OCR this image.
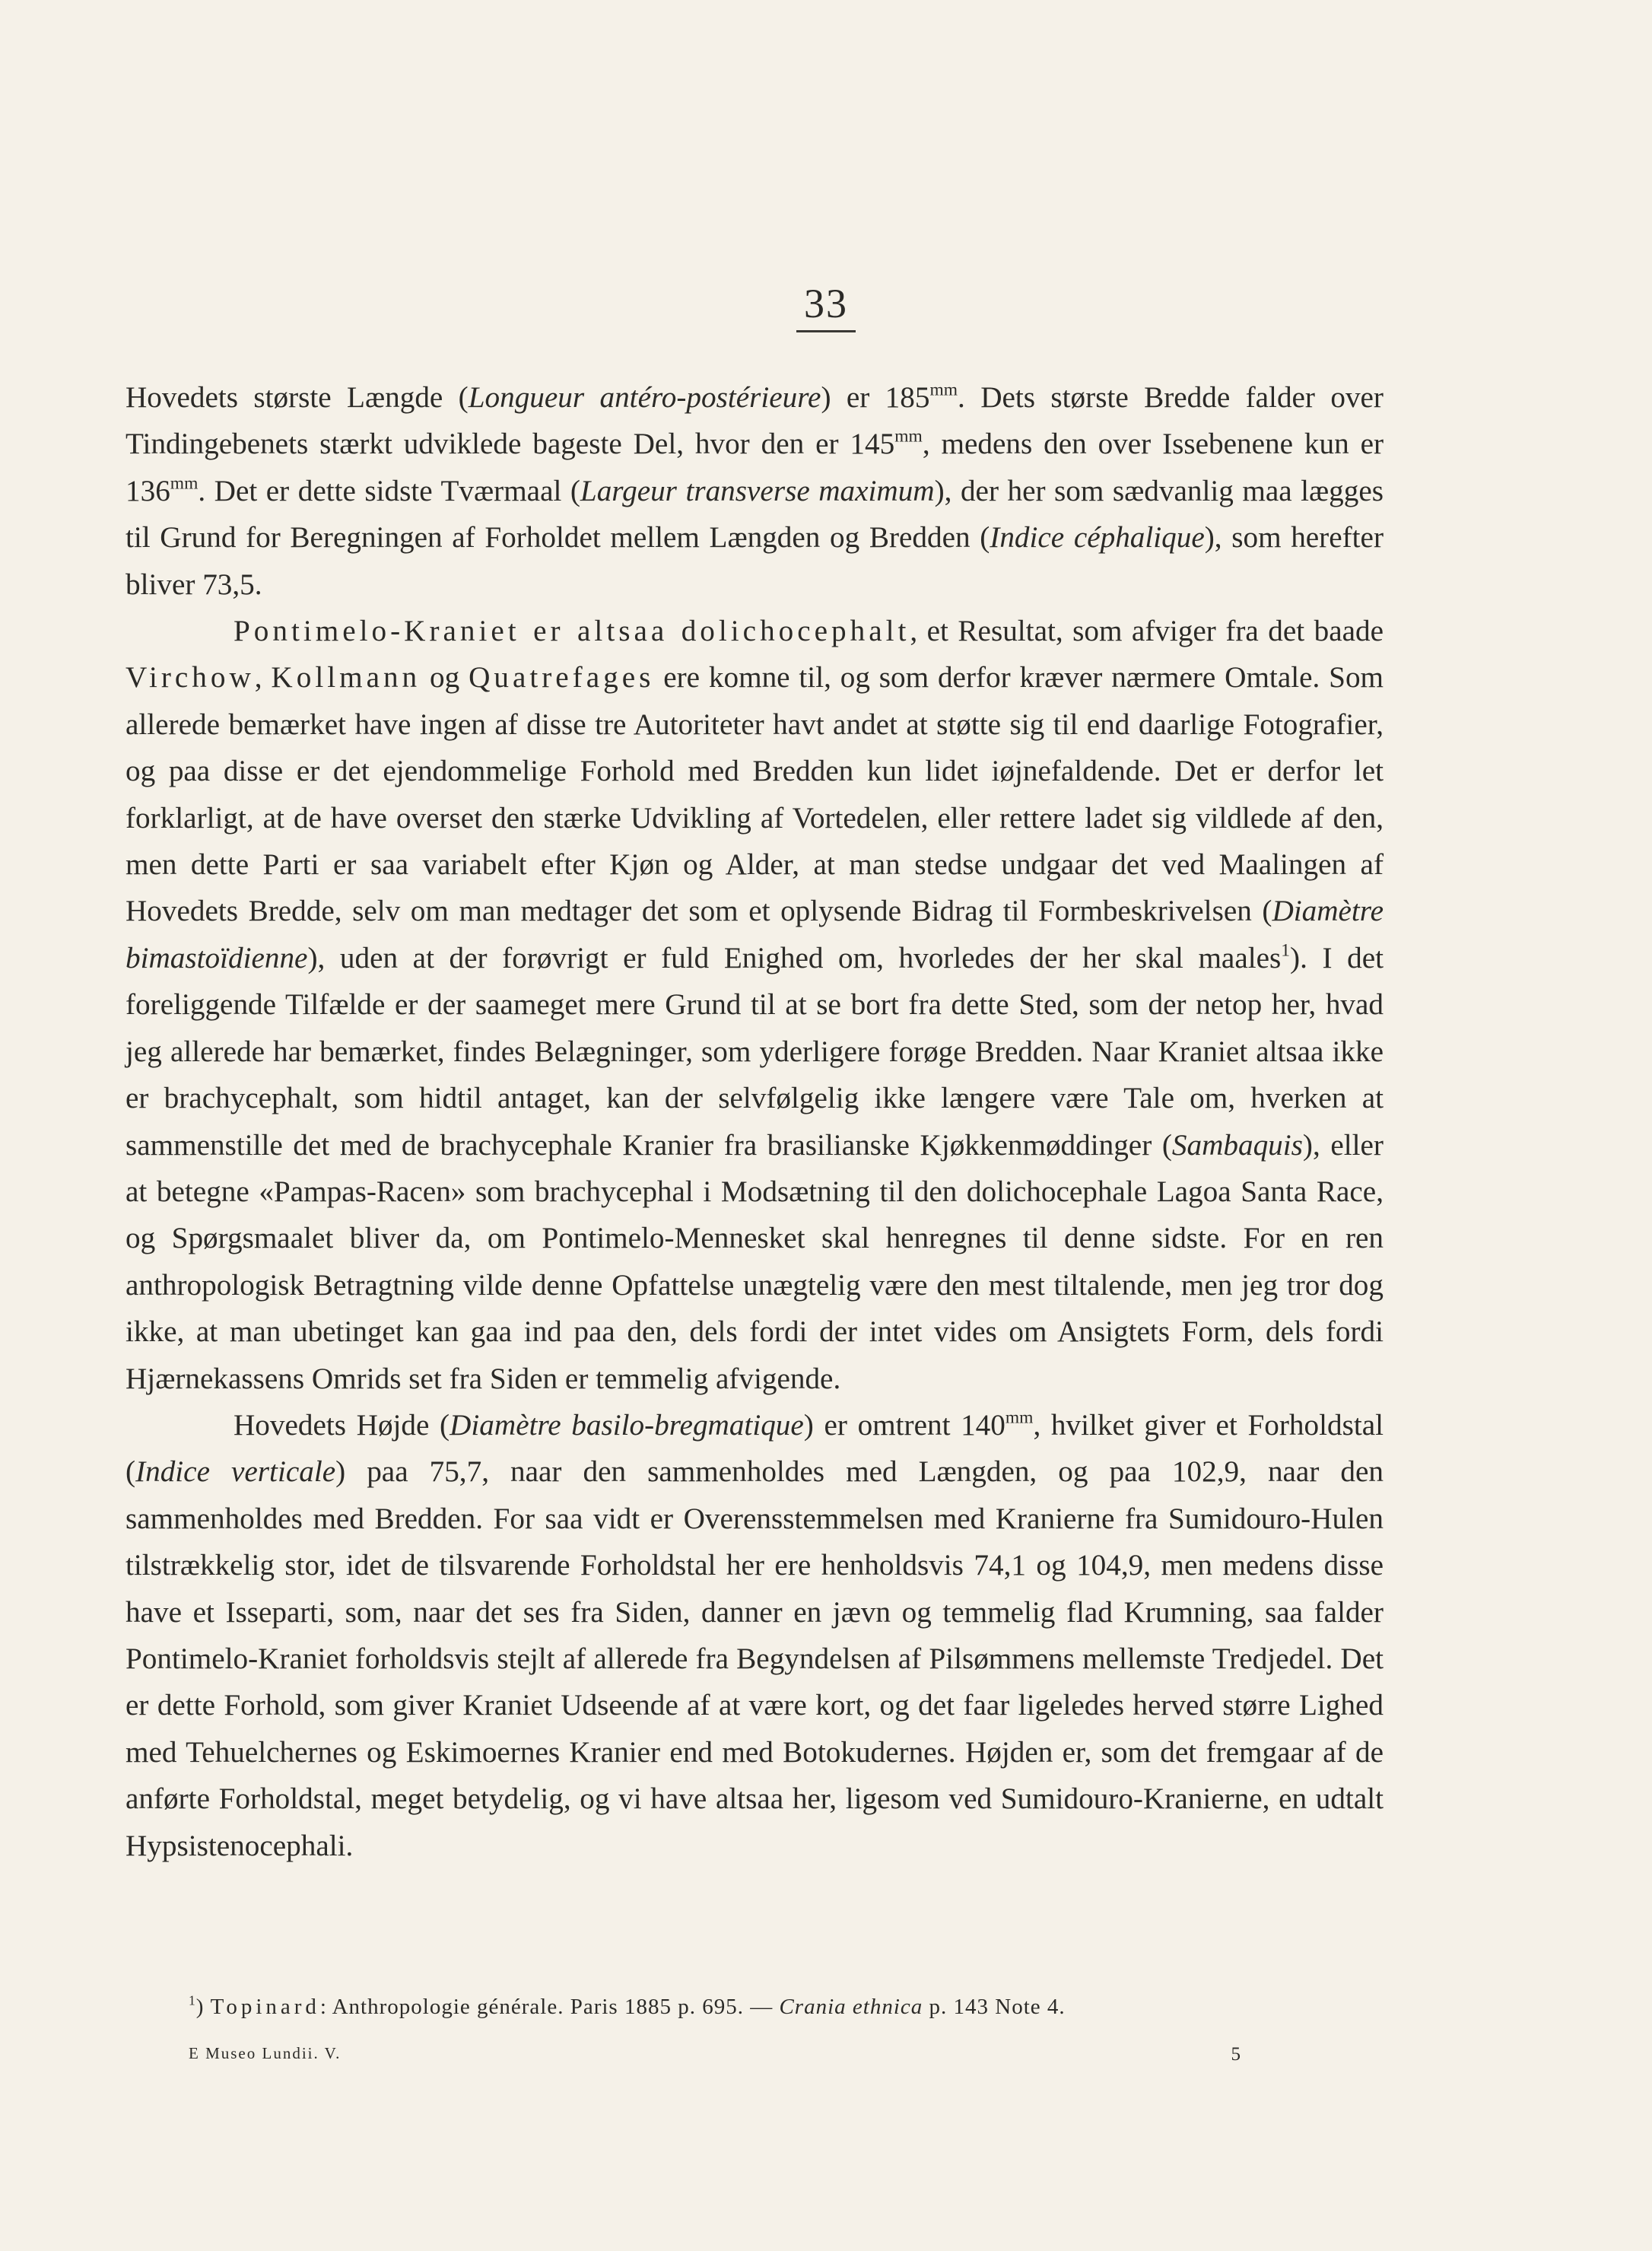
33

Hovedets største Længde (Longueur antéro-postérieure) er $185^{mm}$. Dets største Bredde falder over Tindingebenets stærkt udviklede bageste Del, hvor den er $145^{mm}$, medens den over Issebenene kun er $136^{mm}$. Det er dette sidste Tværmaal (Largeur transverse maximum), der her som sædvanlig maa lægges til Grund for Beregningen af Forholdet mellem Længden og Bredden (Indice céphalique), som herefter bliver 73,5.

Pontimelo-Kraniet er altsaa dolichocephalt, et Resultat, som afviger fra det baade Virchow, Kollmann og Quatrefages ere komne til, og som derfor kræver nærmere Omtale. Som allerede bemærket have ingen af disse tre Autoriteter havt andet at støtte sig til end daarlige Fotografier, og paa disse er det ejendommelige Forhold med Bredden kun lidet iøjnefaldende. Det er derfor let forklarligt, at de have overset den stærke Udvikling af Vortedelen, eller rettere ladet sig vildlede af den, men dette Parti er saa variabelt efter Kjøn og Alder, at man stedse undgaar det ved Maalingen af Hovedets Bredde, selv om man medtager det som et oplysende Bidrag til Formbeskrivelsen (Diamètre bimastoïdienne), uden at der forøvrigt er fuld Enighed om, hvorledes der her skal maales$^1$). I det foreliggende Tilfælde er der saameget mere Grund til at se bort fra dette Sted, som der netop her, hvad jeg allerede har bemærket, findes Belægninger, som yderligere forøge Bredden. Naar Kraniet altsaa ikke er brachycephalt, som hidtil antaget, kan der selvfølgelig ikke længere være Tale om, hverken at sammenstille det med de brachycephale Kranier fra brasilianske Kjøkkenmøddinger (Sambaquis), eller at betegne «Pampas-Racen» som brachycephal i Modsætning til den dolichocephale Lagoa Santa Race, og Spørgsmaalet bliver da, om Pontimelo-Mennesket skal henregnes til denne sidste. For en ren anthropologisk Betragtning vilde denne Opfattelse unægtelig være den mest tiltalende, men jeg tror dog ikke, at man ubetinget kan gaa ind paa den, dels fordi der intet vides om Ansigtets Form, dels fordi Hjærnekassens Omrids set fra Siden er temmelig afvigende.

Hovedets Højde (Diamètre basilo-bregmatique) er omtrent $140^{mm}$, hvilket giver et Forholdstal (Indice verticale) paa 75,7, naar den sammenholdes med Længden, og paa 102,9, naar den sammenholdes med Bredden. For saa vidt er Overensstemmelsen med Kranierne fra Sumidouro-Hulen tilstrækkelig stor, idet de tilsvarende Forholdstal her ere henholdsvis 74,1 og 104,9, men medens disse have et Isseparti, som, naar det ses fra Siden, danner en jævn og temmelig flad Krumning, saa falder Pontimelo-Kraniet forholdsvis stejlt af allerede fra Begyndelsen af Pilsømmens mellemste Tredjedel. Det er dette Forhold, som giver Kraniet Udseende af at være kort, og det faar ligeledes herved større Lighed med Tehuelchernes og Eskimoernes Kranier end med Botokudernes. Højden er, som det fremgaar af de anførte Forholdstal, meget betydelig, og vi have altsaa her, ligesom ved Sumidouro-Kranierne, en udtalt Hypsistenocephali.

$^1$) Topinard: Anthropologie générale. Paris 1885 p. 695. — Crania ethnica p. 143 Note 4.
E Museo Lundii. V.	5
